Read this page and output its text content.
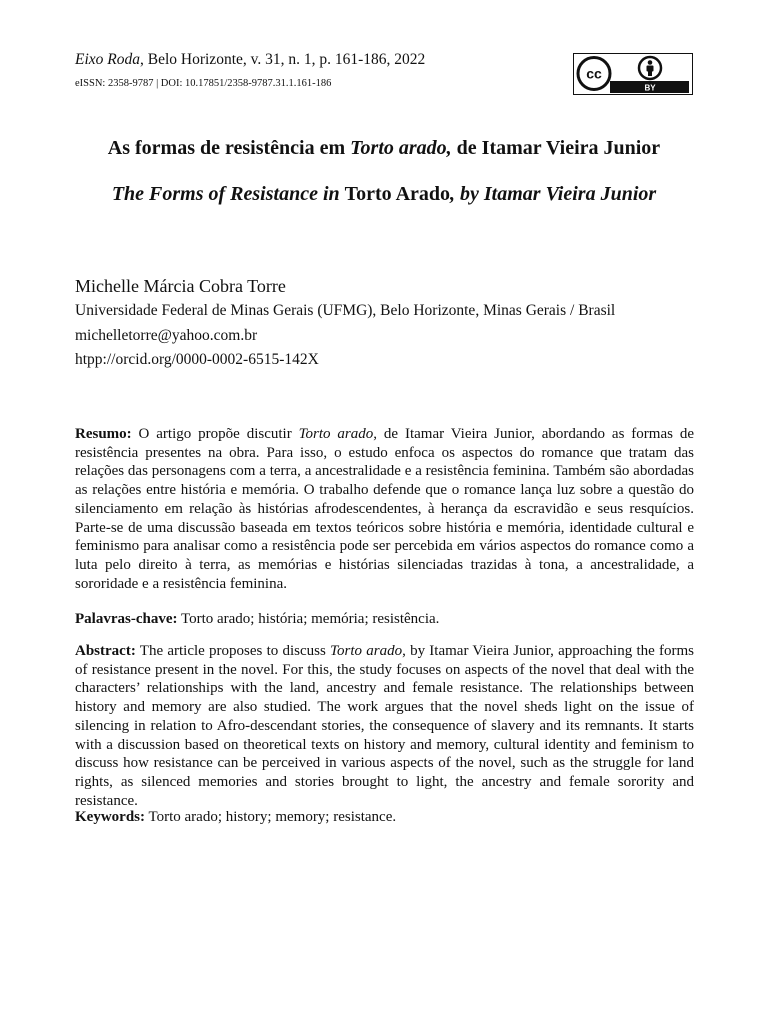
Eixo Roda, Belo Horizonte, v. 31, n. 1, p. 161-186, 2022
eISSN: 2358-9787 | DOI: 10.17851/2358-9787.31.1.161-186
cc
BY
As formas de resistência em Torto arado, de Itamar Vieira Junior
The Forms of Resistance in Torto Arado, by Itamar Vieira Junior
Michelle Márcia Cobra Torre
Universidade Federal de Minas Gerais (UFMG), Belo Horizonte, Minas Gerais / Brasil
michelletorre@yahoo.com.br
htpp://orcid.org/0000-0002-6515-142X
Resumo: O artigo propõe discutir Torto arado, de Itamar Vieira Junior, abordando as formas de resistência presentes na obra. Para isso, o estudo enfoca os aspectos do romance que tratam das relações das personagens com a terra, a ancestralidade e a resistência feminina. Também são abordadas as relações entre história e memória. O trabalho defende que o romance lança luz sobre a questão do silenciamento em relação às histórias afrodescendentes, à herança da escravidão e seus resquícios. Parte-se de uma discussão baseada em textos teóricos sobre história e memória, identidade cultural e feminismo para analisar como a resistência pode ser percebida em vários aspectos do romance como a luta pelo direito à terra, as memórias e histórias silenciadas trazidas à tona, a ancestralidade, a sororidade e a resistência feminina.
Palavras-chave: Torto arado; história; memória; resistência.
Abstract: The article proposes to discuss Torto arado, by Itamar Vieira Junior, approaching the forms of resistance present in the novel. For this, the study focuses on aspects of the novel that deal with the characters’ relationships with the land, ancestry and female resistance. The relationships between history and memory are also studied. The work argues that the novel sheds light on the issue of silencing in relation to Afro-descendant stories, the consequence of slavery and its remnants. It starts with a discussion based on theoretical texts on history and memory, cultural identity and feminism to discuss how resistance can be perceived in various aspects of the novel, such as the struggle for land rights, as silenced memories and stories brought to light, the ancestry and female sorority and resistance.
Keywords: Torto arado; history; memory; resistance.
